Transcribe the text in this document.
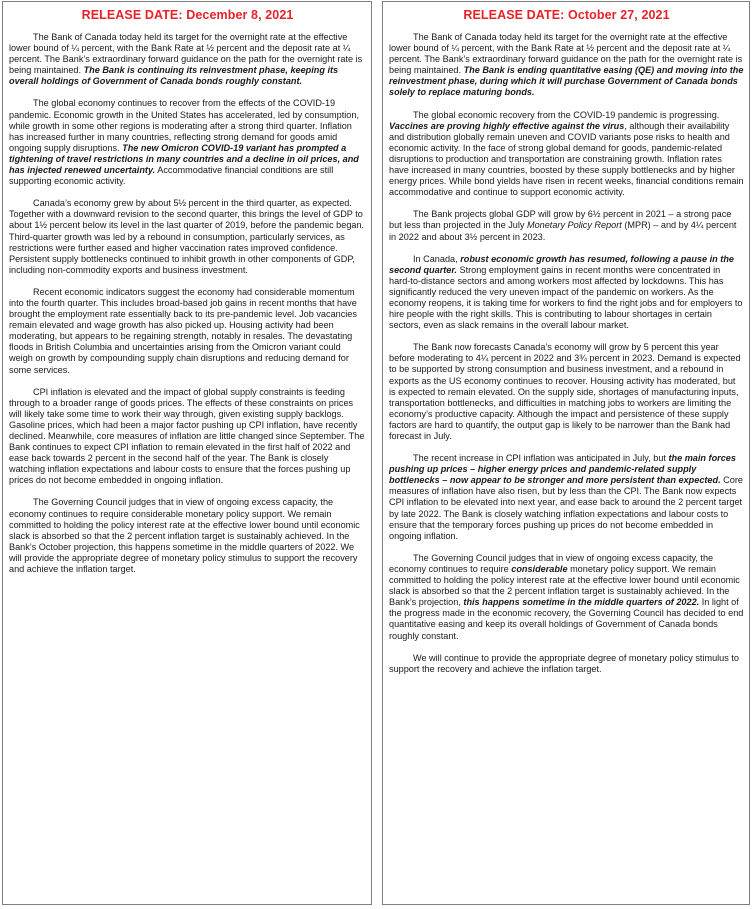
RELEASE DATE: December 8, 2021

The Bank of Canada today held its target for the overnight rate at the effective lower bound of ¼ percent, with the Bank Rate at ½ percent and the deposit rate at ¼ percent. The Bank’s extraordinary forward guidance on the path for the overnight rate is being maintained. The Bank is continuing its reinvestment phase, keeping its overall holdings of Government of Canada bonds roughly constant.

The global economy continues to recover from the effects of the COVID-19 pandemic. Economic growth in the United States has accelerated, led by consumption, while growth in some other regions is moderating after a strong third quarter. Inflation has increased further in many countries, reflecting strong demand for goods amid ongoing supply disruptions. The new Omicron COVID-19 variant has prompted a tightening of travel restrictions in many countries and a decline in oil prices, and has injected renewed uncertainty. Accommodative financial conditions are still supporting economic activity.

Canada’s economy grew by about 5½ percent in the third quarter, as expected. Together with a downward revision to the second quarter, this brings the level of GDP to about 1½ percent below its level in the last quarter of 2019, before the pandemic began. Third-quarter growth was led by a rebound in consumption, particularly services, as restrictions were further eased and higher vaccination rates improved confidence. Persistent supply bottlenecks continued to inhibit growth in other components of GDP, including non-commodity exports and business investment.

Recent economic indicators suggest the economy had considerable momentum into the fourth quarter. This includes broad-based job gains in recent months that have brought the employment rate essentially back to its pre-pandemic level. Job vacancies remain elevated and wage growth has also picked up. Housing activity had been moderating, but appears to be regaining strength, notably in resales. The devastating floods in British Columbia and uncertainties arising from the Omicron variant could weigh on growth by compounding supply chain disruptions and reducing demand for some services.

CPI inflation is elevated and the impact of global supply constraints is feeding through to a broader range of goods prices. The effects of these constraints on prices will likely take some time to work their way through, given existing supply backlogs. Gasoline prices, which had been a major factor pushing up CPI inflation, have recently declined. Meanwhile, core measures of inflation are little changed since September. The Bank continues to expect CPI inflation to remain elevated in the first half of 2022 and ease back towards 2 percent in the second half of the year. The Bank is closely watching inflation expectations and labour costs to ensure that the forces pushing up prices do not become embedded in ongoing inflation.

The Governing Council judges that in view of ongoing excess capacity, the economy continues to require considerable monetary policy support. We remain committed to holding the policy interest rate at the effective lower bound until economic slack is absorbed so that the 2 percent inflation target is sustainably achieved. In the Bank’s October projection, this happens sometime in the middle quarters of 2022. We will provide the appropriate degree of monetary policy stimulus to support the recovery and achieve the inflation target.

RELEASE DATE: October 27, 2021

The Bank of Canada today held its target for the overnight rate at the effective lower bound of ¼ percent, with the Bank Rate at ½ percent and the deposit rate at ¼ percent. The Bank’s extraordinary forward guidance on the path for the overnight rate is being maintained. The Bank is ending quantitative easing (QE) and moving into the reinvestment phase, during which it will purchase Government of Canada bonds solely to replace maturing bonds.

The global economic recovery from the COVID-19 pandemic is progressing. Vaccines are proving highly effective against the virus, although their availability and distribution globally remain uneven and COVID variants pose risks to health and economic activity. In the face of strong global demand for goods, pandemic-related disruptions to production and transportation are constraining growth. Inflation rates have increased in many countries, boosted by these supply bottlenecks and by higher energy prices. While bond yields have risen in recent weeks, financial conditions remain accommodative and continue to support economic activity.

The Bank projects global GDP will grow by 6½ percent in 2021 – a strong pace but less than projected in the July Monetary Policy Report (MPR) – and by 4¼ percent in 2022 and about 3½ percent in 2023.

In Canada, robust economic growth has resumed, following a pause in the second quarter. Strong employment gains in recent months were concentrated in hard-to-distance sectors and among workers most affected by lockdowns. This has significantly reduced the very uneven impact of the pandemic on workers. As the economy reopens, it is taking time for workers to find the right jobs and for employers to hire people with the right skills. This is contributing to labour shortages in certain sectors, even as slack remains in the overall labour market.

The Bank now forecasts Canada’s economy will grow by 5 percent this year before moderating to 4¼ percent in 2022 and 3¾ percent in 2023. Demand is expected to be supported by strong consumption and business investment, and a rebound in exports as the US economy continues to recover. Housing activity has moderated, but is expected to remain elevated. On the supply side, shortages of manufacturing inputs, transportation bottlenecks, and difficulties in matching jobs to workers are limiting the economy’s productive capacity. Although the impact and persistence of these supply factors are hard to quantify, the output gap is likely to be narrower than the Bank had forecast in July.

The recent increase in CPI inflation was anticipated in July, but the main forces pushing up prices – higher energy prices and pandemic-related supply bottlenecks – now appear to be stronger and more persistent than expected. Core measures of inflation have also risen, but by less than the CPI. The Bank now expects CPI inflation to be elevated into next year, and ease back to around the 2 percent target by late 2022. The Bank is closely watching inflation expectations and labour costs to ensure that the temporary forces pushing up prices do not become embedded in ongoing inflation.

The Governing Council judges that in view of ongoing excess capacity, the economy continues to require considerable monetary policy support. We remain committed to holding the policy interest rate at the effective lower bound until economic slack is absorbed so that the 2 percent inflation target is sustainably achieved. In the Bank’s projection, this happens sometime in the middle quarters of 2022. In light of the progress made in the economic recovery, the Governing Council has decided to end quantitative easing and keep its overall holdings of Government of Canada bonds roughly constant.

We will continue to provide the appropriate degree of monetary policy stimulus to support the recovery and achieve the inflation target.
